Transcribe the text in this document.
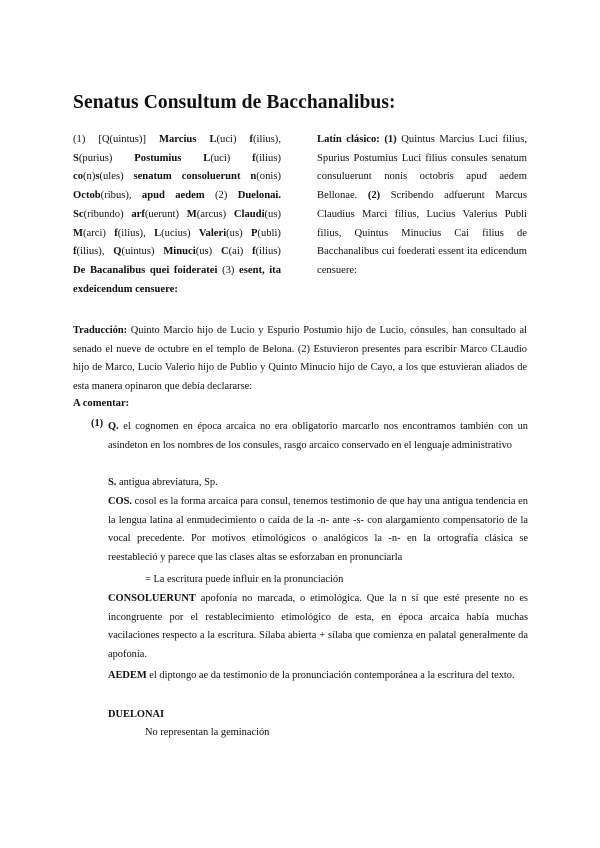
Senatus Consultum de Bacchanalibus:
(1) [Q(uintus)] Marcius L(uci) f(ilius),
S(purius) Postumius L(uci) f(ilius)
co(n)s(ules) senatum consoluerunt n(onis)
Octob(ribus), apud aedem (2) Duelonai.
Sc(ribundo) arf(uerunt) M(arcus) Claudi(us)
M(arci) f(ilius), L(ucius) Valeri(us) P(ubli)
f(ilius), Q(uintus) Minuci(us) C(ai) f(ilius)
De Bacanalibus quei foideratei (3) esent, ita
exdeicendum censuere:
Latín clásico: (1) Quintus Marcius Luci filius, Spurius Postumius Luci filius consules senatum consuluerunt nonis octobris apud aedem Bellonae. (2) Scribendo adfuerunt Marcus Claudius Marci filius, Lucius Valerius Publi filius, Quintus Minucius Cai filius de Bacchanalibus cui foederati essent ita edicendum censuere:
Traducción: Quinto Marcio hijo de Lucio y Espurio Postumio hijo de Lucio, cónsules, han consultado al senado el nueve de octubre en el templo de Belona. (2) Estuvieron presentes para escribir Marco CLaudio hijo de Marco, Lucio Valerio hijo de Publio y Quinto Minucio hijo de Cayo, a los que estuvieran aliados de esta manera opinaron que debía declararse:
A comentar:
(1) Q. el cognomen en época arcaica no era obligatorio marcarlo nos encontramos también con un asíndeton en los nombres de los consules, rasgo arcaico conservado en el lenguaje administrativo
S. antigua abreviatura, Sp.
COS. cosol es la forma arcaica para consul, tenemos testimonio de que hay una antigua tendencia en la lengua latina al enmudecimiento o caída de la -n- ante -s- con alargamiento compensatorio de la vocal precedente. Por motivos etimológicos o analógicos la -n- en la ortografía clásica se reestableció y parece que las clases altas se esforzaban en pronunciarla
= La escritura puede influir en la pronunciación
CONSOLUERUNT apofonía no marcada, o etimológica. Que la n sí que esté presente no es incongruente por el restablecimiento etimológico de esta, en época arcaica había muchas vacilaciones respecto a la escritura. Sílaba abierta + sílaba que comienza en palatal generalmente da apofonía.
AEDEM el diptongo ae da testimonio de la pronunciación contemporánea a la escritura del texto.
DUELONAI
No representan la geminación
